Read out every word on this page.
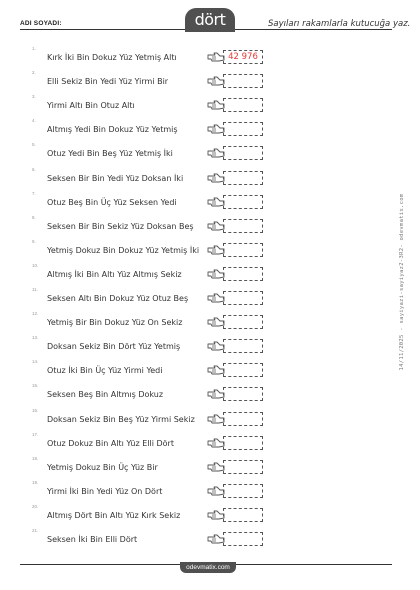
ADI SOYADI:	dört	Sayıları rakamlarla kutucuğa yaz.
14/11/2025 - sayiyazi-sayiyaz2-3R2- odevmatix.com
1.
Kırk İki Bin Dokuz Yüz Yetmiş Altı	42 976
2.
Elli Sekiz Bin Yedi Yüz Yirmi Bir
3.
Yirmi Altı Bin Otuz Altı
4.
Altmış Yedi Bin Dokuz Yüz Yetmiş
5.
Otuz Yedi Bin Beş Yüz Yetmiş İki
6.
Seksen Bir Bin Yedi Yüz Doksan İki
7.
Otuz Beş Bin Üç Yüz Seksen Yedi
8.
Seksen Bir Bin Sekiz Yüz Doksan Beş
9.
Yetmiş Dokuz Bin Dokuz Yüz Yetmiş İki
10.
Altmış İki Bin Altı Yüz Altmış Sekiz
11.
Seksen Altı Bin Dokuz Yüz Otuz Beş
12.
Yetmiş Bir Bin Dokuz Yüz On Sekiz
13.
Doksan Sekiz Bin Dört Yüz Yetmiş
14.
Otuz İki Bin Üç Yüz Yirmi Yedi
15.
Seksen Beş Bin Altmış Dokuz
16.
Doksan Sekiz Bin Beş Yüz Yirmi Sekiz
17.
Otuz Dokuz Bin Altı Yüz Elli Dört
18.
Yetmiş Dokuz Bin Üç Yüz Bir
19.
Yirmi İki Bin Yedi Yüz On Dört
20.
Altmış Dört Bin Altı Yüz Kırk Sekiz
21.
Seksen İki Bin Elli Dört
odevmatix.com
